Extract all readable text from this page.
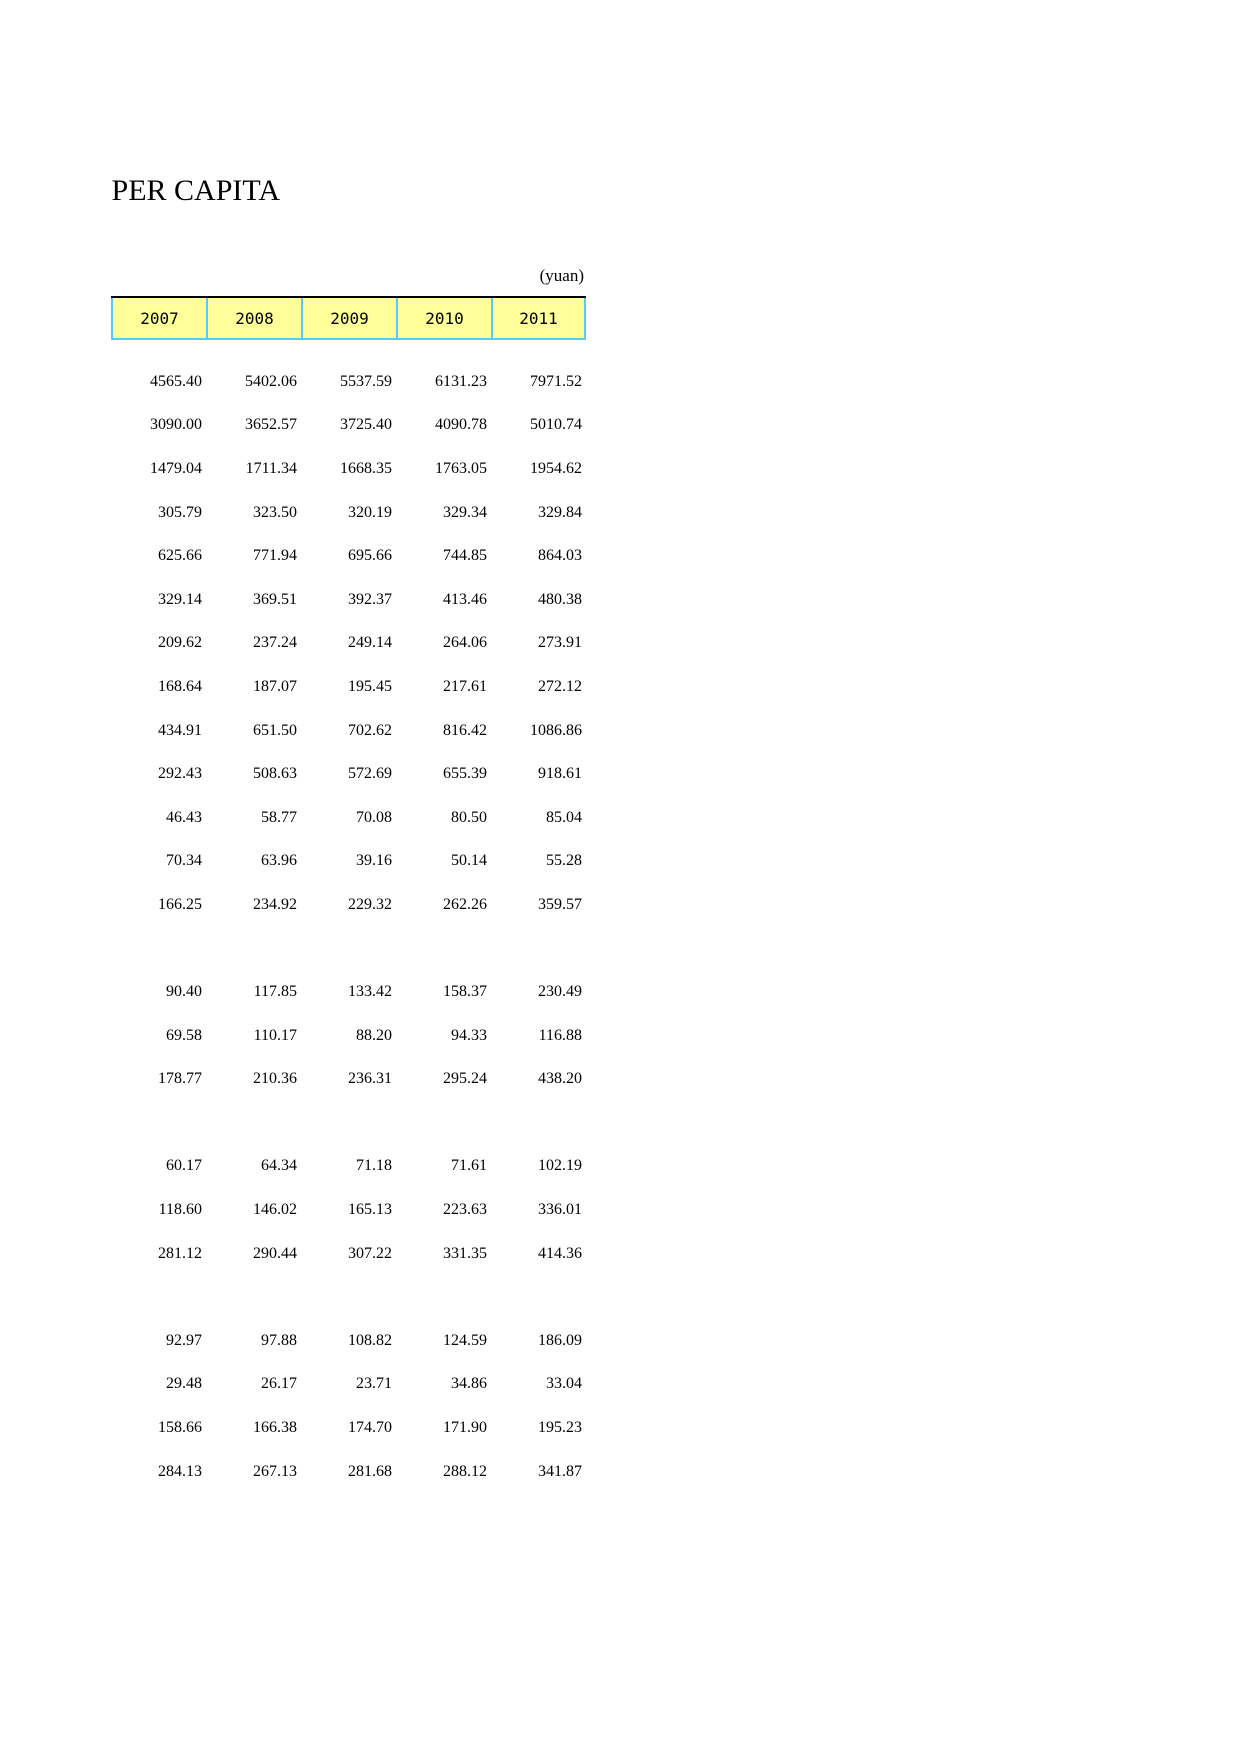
PER CAPITA
(yuan)
2007	2008	2009	2010	2011
4565.40	5402.06	5537.59	6131.23	7971.52
3090.00	3652.57	3725.40	4090.78	5010.74
1479.04	1711.34	1668.35	1763.05	1954.62
305.79	323.50	320.19	329.34	329.84
625.66	771.94	695.66	744.85	864.03
329.14	369.51	392.37	413.46	480.38
209.62	237.24	249.14	264.06	273.91
168.64	187.07	195.45	217.61	272.12
434.91	651.50	702.62	816.42	1086.86
292.43	508.63	572.69	655.39	918.61
46.43	58.77	70.08	80.50	85.04
70.34	63.96	39.16	50.14	55.28
166.25	234.92	229.32	262.26	359.57
90.40	117.85	133.42	158.37	230.49
69.58	110.17	88.20	94.33	116.88
178.77	210.36	236.31	295.24	438.20
60.17	64.34	71.18	71.61	102.19
118.60	146.02	165.13	223.63	336.01
281.12	290.44	307.22	331.35	414.36
92.97	97.88	108.82	124.59	186.09
29.48	26.17	23.71	34.86	33.04
158.66	166.38	174.70	171.90	195.23
284.13	267.13	281.68	288.12	341.87
